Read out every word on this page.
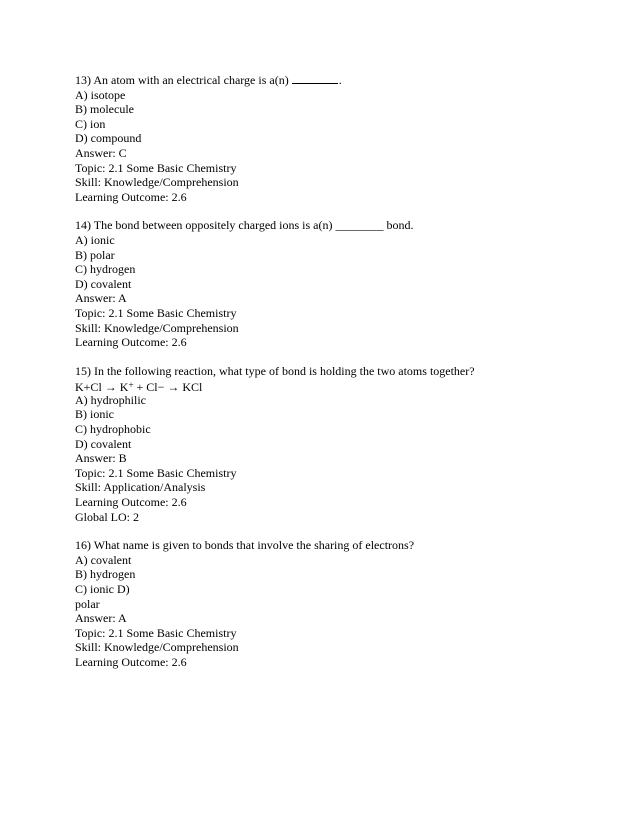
13) An atom with an electrical charge is a(n)	.
A) isotope
B) molecule
C) ion
D) compound
Answer: C
Topic: 2.1 Some Basic Chemistry
Skill: Knowledge/Comprehension
Learning Outcome: 2.6
14) The bond between oppositely charged ions is a(n) ________ bond.
A) ionic
B) polar
C) hydrogen
D) covalent
Answer: A
Topic: 2.1 Some Basic Chemistry
Skill: Knowledge/Comprehension
Learning Outcome: 2.6
15) In the following reaction, what type of bond is holding the two atoms together?
K+Cl → K+ + Cl− → KCl
A) hydrophilic
B) ionic
C) hydrophobic
D) covalent
Answer: B
Topic: 2.1 Some Basic Chemistry
Skill: Application/Analysis
Learning Outcome: 2.6
Global LO: 2
16) What name is given to bonds that involve the sharing of electrons?
A) covalent
B) hydrogen
C) ionic D)
polar
Answer: A
Topic: 2.1 Some Basic Chemistry
Skill: Knowledge/Comprehension
Learning Outcome: 2.6
